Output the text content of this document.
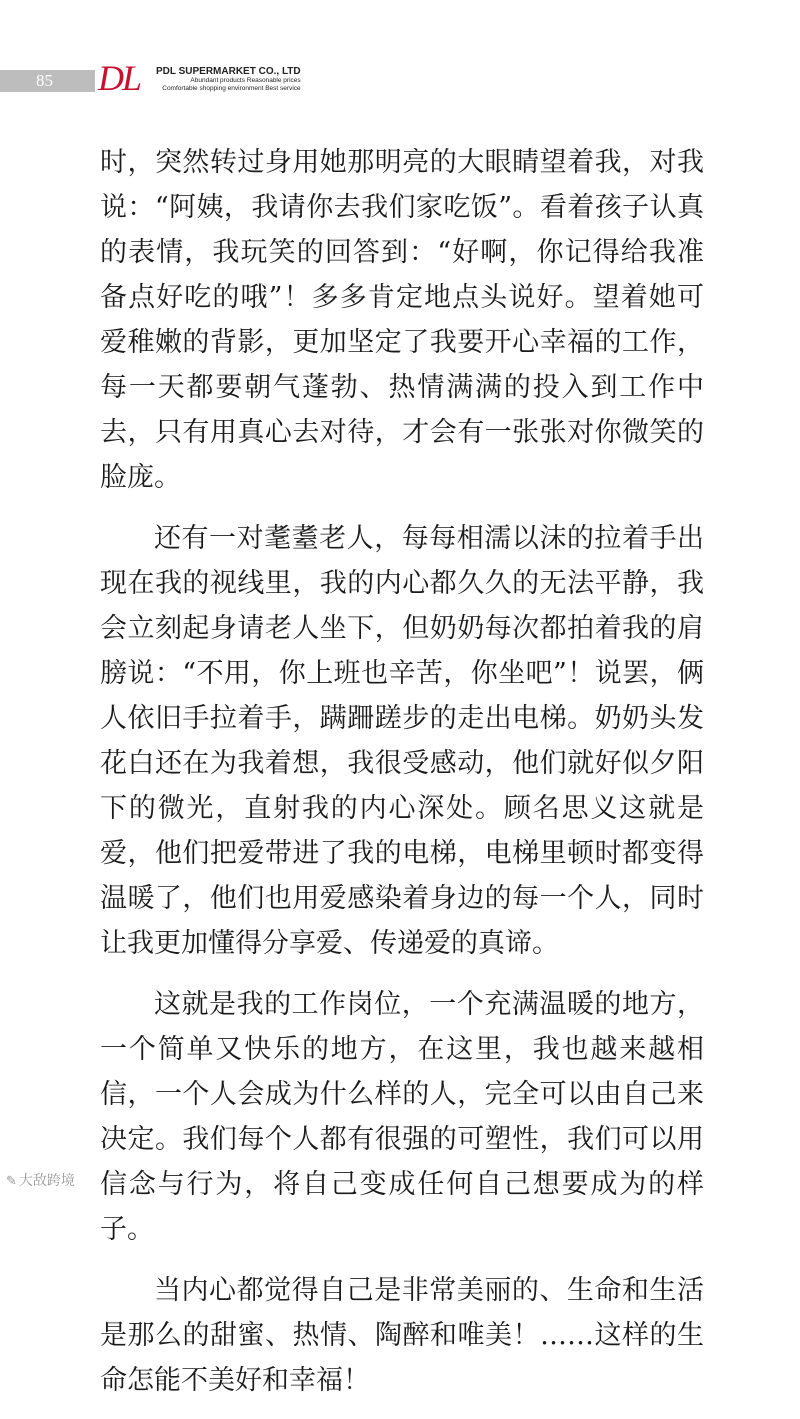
85 DL PDL SUPERMARKET CO., LTD
Abundant products Reasonable prices
Comfortable shopping environment Best service

时，突然转过身用她那明亮的大眼睛望着我，对我说：“阿姨，我请你去我们家吃饭”。看着孩子认真的表情，我玩笑的回答到：“好啊，你记得给我准备点好吃的哦”！多多肯定地点头说好。望着她可爱稚嫩的背影，更加坚定了我要开心幸福的工作，每一天都要朝气蓬勃、热情满满的投入到工作中去，只有用真心去对待，才会有一张张对你微笑的脸庞。

还有一对耄耋老人，每每相濡以沫的拉着手出现在我的视线里，我的内心都久久的无法平静，我会立刻起身请老人坐下，但奶奶每次都拍着我的肩膀说：“不用，你上班也辛苦，你坐吧”！说罢，俩人依旧手拉着手，蹒跚蹉步的走出电梯。奶奶头发花白还在为我着想，我很受感动，他们就好似夕阳下的微光，直射我的内心深处。顾名思义这就是爱，他们把爱带进了我的电梯，电梯里顿时都变得温暖了，他们也用爱感染着身边的每一个人，同时让我更加懂得分享爱、传递爱的真谛。

这就是我的工作岗位，一个充满温暖的地方，一个简单又快乐的地方，在这里，我也越来越相信，一个人会成为什么样的人，完全可以由自己来决定。我们每个人都有很强的可塑性，我们可以用信念与行为，将自己变成任何自己想要成为的样子。

当内心都觉得自己是非常美丽的、生命和生活是那么的甜蜜、热情、陶醉和唯美！……这样的生命怎能不美好和幸福！

✎ 大敌跨境
